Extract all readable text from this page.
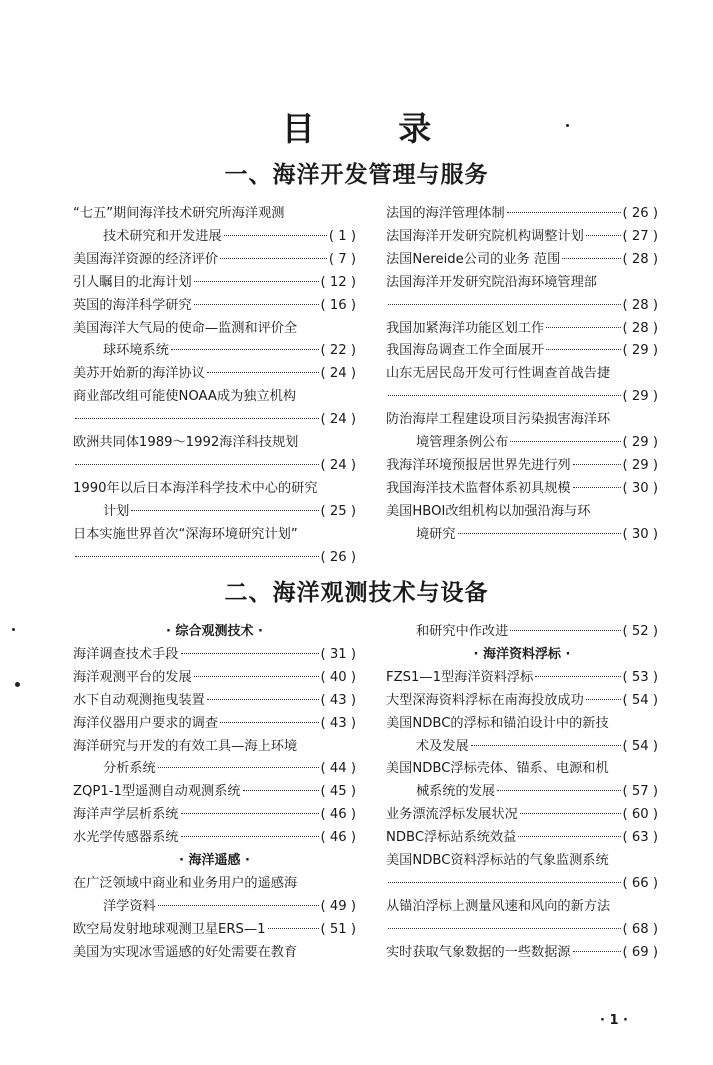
目 录
一、海洋开发管理与服务
“七五”期间海洋技术研究所海洋观测
技术研究和开发进展	( 1 )
美国海洋资源的经济评价	( 7 )
引人瞩目的北海计划	( 12 )
英国的海洋科学研究	( 16 )
美国海洋大气局的使命—监测和评价全
球环境系统	( 22 )
美苏开始新的海洋协议	( 24 )
商业部改组可能使NOAA成为独立机构
( 24 )
欧洲共同体1989～1992海洋科技规划
( 24 )
1990年以后日本海洋科学技术中心的研究
计划	( 25 )
日本实施世界首次“深海环境研究计划”
( 26 )
法国的海洋管理体制	( 26 )
法国海洋开发研究院机构调整计划	( 27 )
法国Nereide公司的业务 范围	( 28 )
法国海洋开发研究院沿海环境管理部
( 28 )
我国加紧海洋功能区划工作	( 28 )
我国海岛调查工作全面展开	( 29 )
山东无居民岛开发可行性调查首战告捷
( 29 )
防治海岸工程建设项目污染损害海洋环
境管理条例公布	( 29 )
我海洋环境预报居世界先进行列	( 29 )
我国海洋技术监督体系初具规模	( 30 )
美国HBOI改组机构以加强沿海与环
境研究	( 30 )
二、海洋观测技术与设备
· 综合观测技术 ·
海洋调查技术手段	( 31 )
海洋观测平台的发展	( 40 )
水下自动观测拖曳装置	( 43 )
海洋仪器用户要求的调查	( 43 )
海洋研究与开发的有效工具—海上环境
分析系统	( 44 )
ZQP1-1型遥测自动观测系统	( 45 )
海洋声学层析系统	( 46 )
水光学传感器系统	( 46 )
· 海洋遥感 ·
在广泛领域中商业和业务用户的遥感海
洋学资料	( 49 )
欧空局发射地球观测卫星ERS—1	( 51 )
美国为实现冰雪遥感的好处需要在教育
和研究中作改进	( 52 )
· 海洋资料浮标 ·
FZS1—1型海洋资料浮标	( 53 )
大型深海资料浮标在南海投放成功	( 54 )
美国NDBC的浮标和锚泊设计中的新技
术及发展	( 54 )
美国NDBC浮标壳体、锚系、电源和机
械系统的发展	( 57 )
业务漂流浮标发展状况	( 60 )
NDBC浮标站系统效益	( 63 )
美国NDBC资料浮标站的气象监测系统
( 66 )
从锚泊浮标上测量风速和风向的新方法
( 68 )
实时获取气象数据的一些数据源	( 69 )
· 1 ·
